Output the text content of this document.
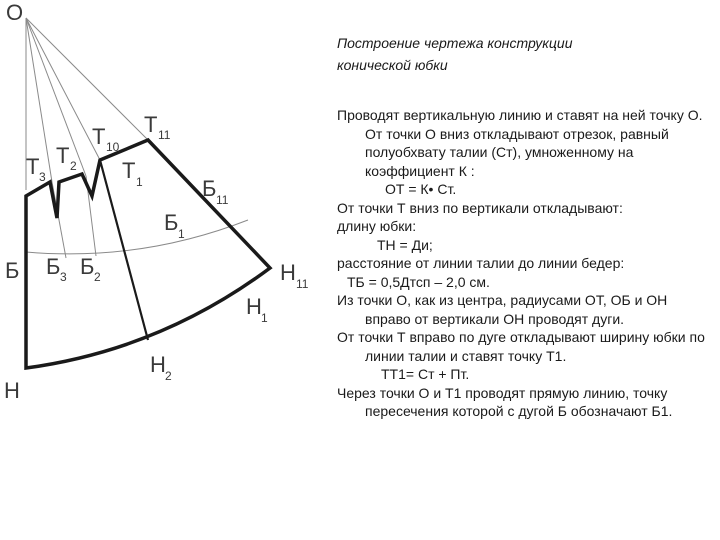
O
Т 3
Т 2
Т 10
Т 11
Т 1	Б 11
Б 1
Б Б 3 Б 2	Н 11
Н 1
Н 2
Н

Построение чертежа конструкции
конической юбки

Проводят вертикальную линию и ставят на ней точку О. От точки О вниз откладывают отрезок, равный полуобхвату талии (Ст), умноженному на коэффициент К :

ОТ = К• Ст.

От точки Т вниз по вертикали откладывают:

длину юбки:

ТН = Ди;

расстояние от линии талии до линии бедер:

ТБ = 0,5Дтсп – 2,0 см.

Из точки О, как из центра, радиусами ОТ, ОБ и ОН вправо от вертикали ОН проводят дуги.

От точки Т вправо по дуге откладывают ширину юбки по линии талии и ставят точку Т1.

ТТ1= Ст + Пт.

Через точки О и Т1 проводят прямую линию, точку пересечения которой с дугой Б обозначают Б1.
